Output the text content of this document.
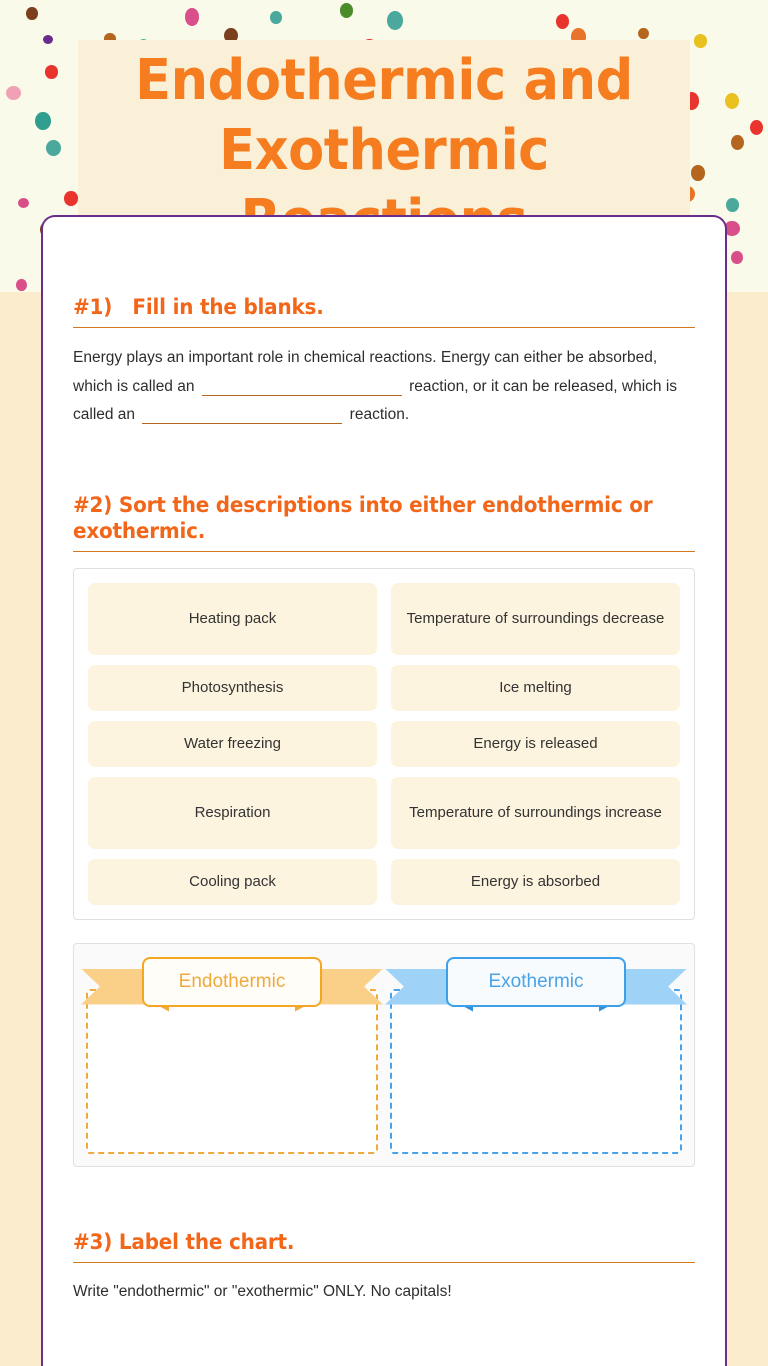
Endothermic and Exothermic
#1) Fill in the blanks.
Energy plays an important role in chemical reactions. Energy can either be absorbed, which is called an	reaction, or it can be released, which is called an	reaction.
#2) Sort the descriptions into either endothermic or exothermic.
Heating pack	Temperature of surroundings decrease
Photosynthesis	Ice melting
Water freezing	Energy is released
Respiration	Temperature of surroundings increase
Cooling pack	Energy is absorbed
Endothermic	Exothermic
#3) Label the chart.
Write "endothermic" or "exothermic" ONLY. No capitals!
